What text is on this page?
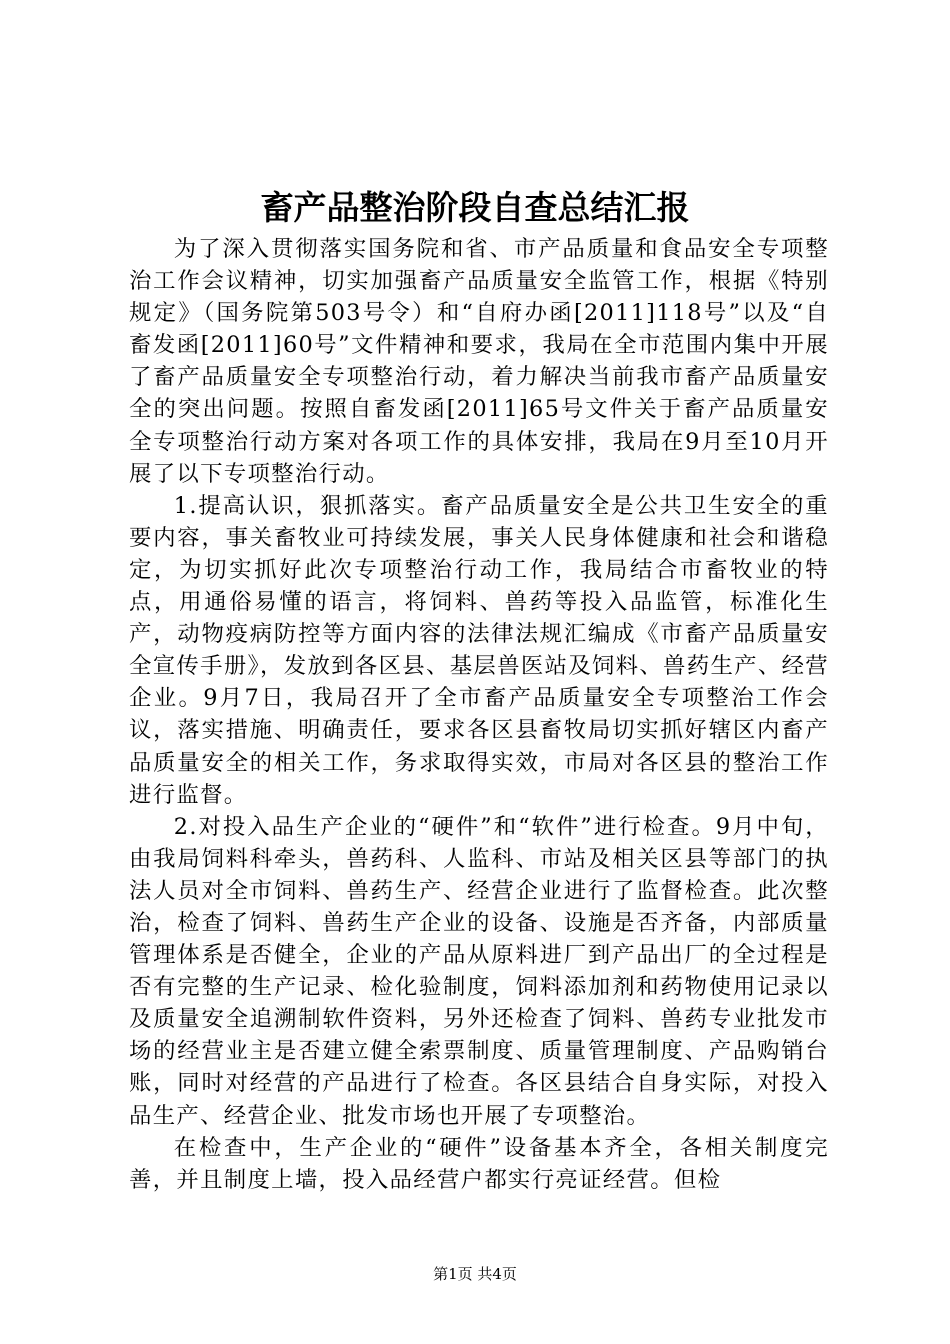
畜产品整治阶段自查总结汇报

为了深入贯彻落实国务院和省、市产品质量和食品安全专项整治工作会议精神，切实加强畜产品质量安全监管工作，根据《特别规定》（国务院第503号令）和“自府办函[2011]118号”以及“自畜发函[2011]60号”文件精神和要求，我局在全市范围内集中开展了畜产品质量安全专项整治行动，着力解决当前我市畜产品质量安全的突出问题。按照自畜发函[2011]65号文件关于畜产品质量安全专项整治行动方案对各项工作的具体安排，我局在9月至10月开展了以下专项整治行动。

1.提高认识，狠抓落实。畜产品质量安全是公共卫生安全的重要内容，事关畜牧业可持续发展，事关人民身体健康和社会和谐稳定，为切实抓好此次专项整治行动工作，我局结合市畜牧业的特点，用通俗易懂的语言，将饲料、兽药等投入品监管，标准化生产，动物疫病防控等方面内容的法律法规汇编成《市畜产品质量安全宣传手册》，发放到各区县、基层兽医站及饲料、兽药生产、经营企业。9月7日，我局召开了全市畜产品质量安全专项整治工作会议，落实措施、明确责任，要求各区县畜牧局切实抓好辖区内畜产品质量安全的相关工作，务求取得实效，市局对各区县的整治工作进行监督。

2.对投入品生产企业的“硬件”和“软件”进行检查。9月中旬，由我局饲料科牵头，兽药科、人监科、市站及相关区县等部门的执法人员对全市饲料、兽药生产、经营企业进行了监督检查。此次整治，检查了饲料、兽药生产企业的设备、设施是否齐备，内部质量管理体系是否健全，企业的产品从原料进厂到产品出厂的全过程是否有完整的生产记录、检化验制度，饲料添加剂和药物使用记录以及质量安全追溯制软件资料，另外还检查了饲料、兽药专业批发市场的经营业主是否建立健全索票制度、质量管理制度、产品购销台账，同时对经营的产品进行了检查。各区县结合自身实际，对投入品生产、经营企业、批发市场也开展了专项整治。

在检查中，生产企业的“硬件”设备基本齐全，各相关制度完善，并且制度上墙，投入品经营户都实行亮证经营。但检

第1页 共4页
